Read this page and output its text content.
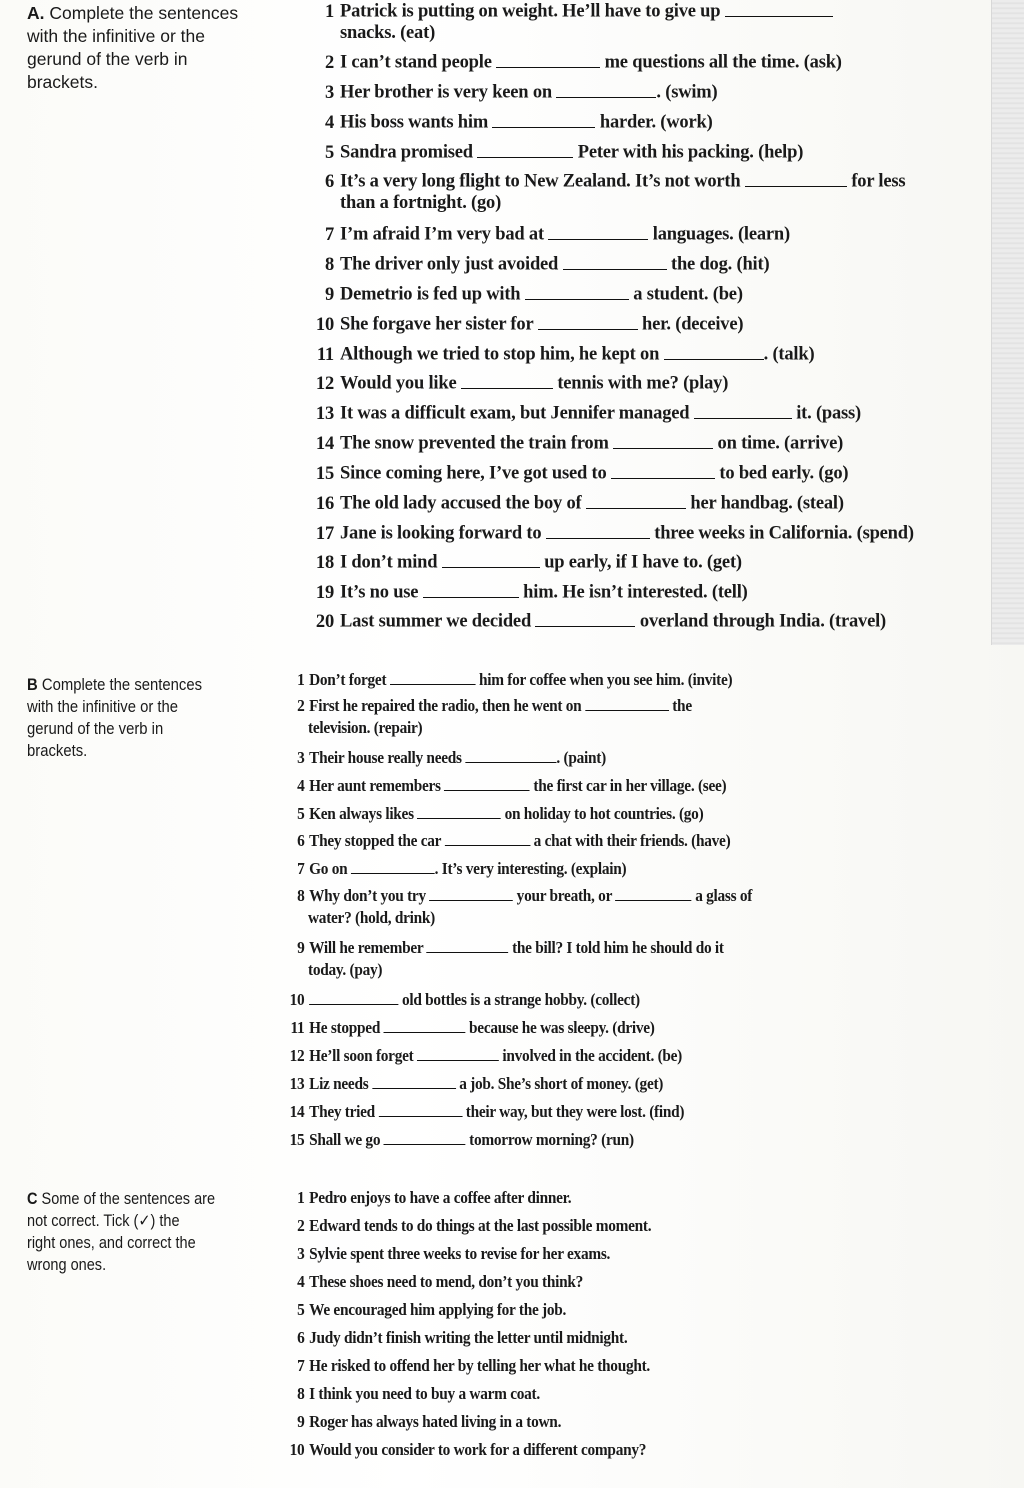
A. Complete the sentences
with the infinitive or the
gerund of the verb in
brackets.
1 Patrick is putting on weight. He’ll have to give up
snacks. (eat)
2 I can’t stand people	me questions all the time. (ask)
3 Her brother is very keen on	. (swim)
4 His boss wants him	harder. (work)
5 Sandra promised	Peter with his packing. (help)
6 It’s a very long flight to New Zealand. It’s not worth	for less
than a fortnight. (go)
7 I’m afraid I’m very bad at	languages. (learn)
8 The driver only just avoided	the dog. (hit)
9 Demetrio is fed up with	a student. (be)
10 She forgave her sister for	her. (deceive)
11 Although we tried to stop him, he kept on	. (talk)
12 Would you like	tennis with me? (play)
13 It was a difficult exam, but Jennifer managed	it. (pass)
14 The snow prevented the train from	on time. (arrive)
15 Since coming here, I’ve got used to	to bed early. (go)
16 The old lady accused the boy of	her handbag. (steal)
17 Jane is looking forward to	three weeks in California. (spend)
18 I don’t mind	up early, if I have to. (get)
19 It’s no use	him. He isn’t interested. (tell)
20 Last summer we decided	overland through India. (travel)
B Complete the sentences
with the infinitive or the
gerund of the verb in
brackets.
1 Don’t forget	him for coffee when you see him. (invite)
2 First he repaired the radio, then he went on	the
television. (repair)
3 Their house really needs	. (paint)
4 Her aunt remembers	the first car in her village. (see)
5 Ken always likes	on holiday to hot countries. (go)
6 They stopped the car	a chat with their friends. (have)
7 Go on	. It’s very interesting. (explain)
8 Why don’t you try	your breath, or	a glass of
water? (hold, drink)
9 Will he remember	the bill? I told him he should do it
today. (pay)
10	old bottles is a strange hobby. (collect)
11 He stopped	because he was sleepy. (drive)
12 He’ll soon forget	involved in the accident. (be)
13 Liz needs	a job. She’s short of money. (get)
14 They tried	their way, but they were lost. (find)
15 Shall we go	tomorrow morning? (run)
C Some of the sentences are
not correct. Tick (✓) the
right ones, and correct the
wrong ones.
1 Pedro enjoys to have a coffee after dinner.
2 Edward tends to do things at the last possible moment.
3 Sylvie spent three weeks to revise for her exams.
4 These shoes need to mend, don’t you think?
5 We encouraged him applying for the job.
6 Judy didn’t finish writing the letter until midnight.
7 He risked to offend her by telling her what he thought.
8 I think you need to buy a warm coat.
9 Roger has always hated living in a town.
10 Would you consider to work for a different company?
